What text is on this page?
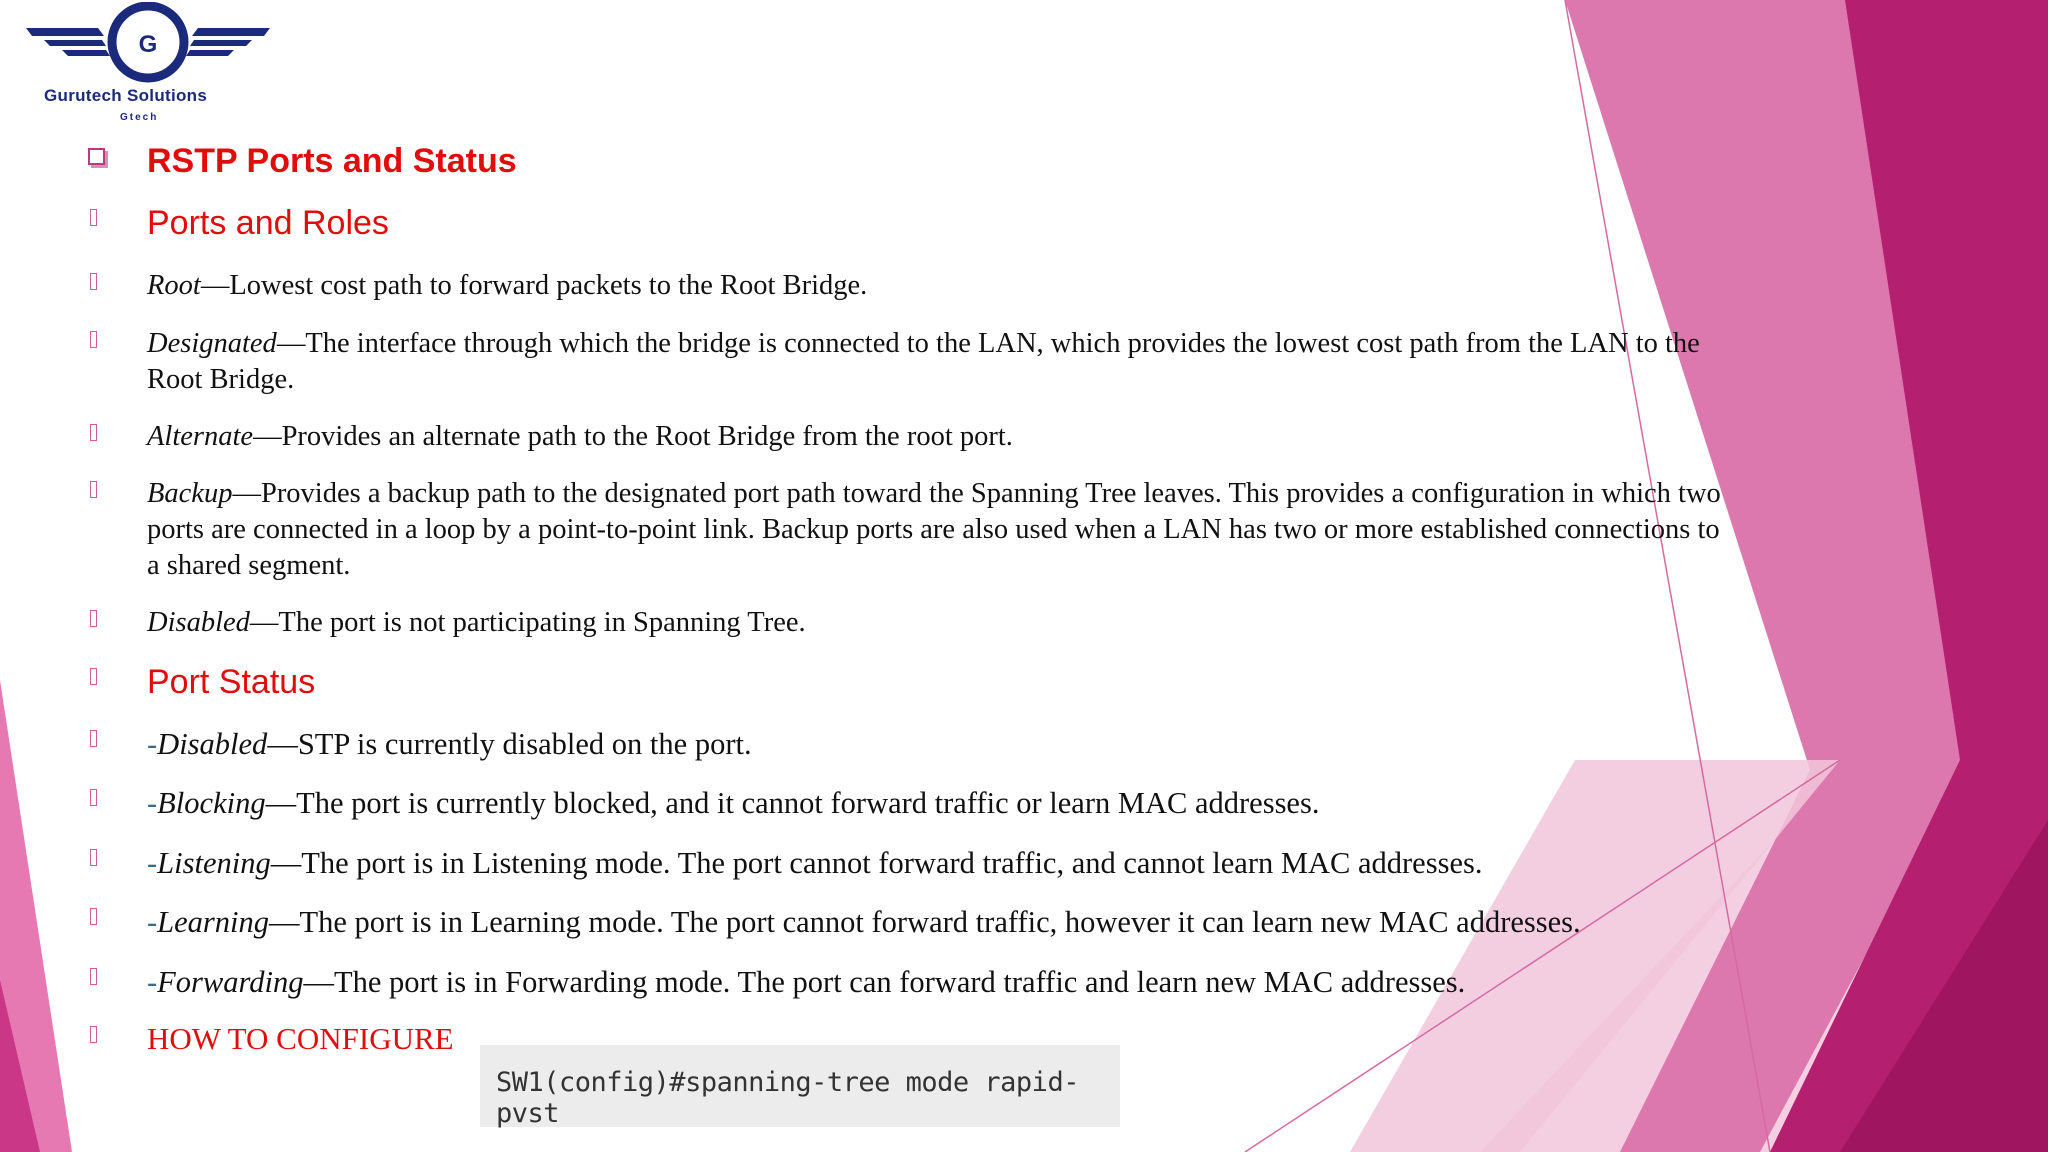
G
Gurutech Solutions
Gtech
RSTP Ports and Status
Ports and Roles
Root—Lowest cost path to forward packets to the Root Bridge.
Designated—The interface through which the bridge is connected to the LAN, which provides the lowest cost path from the LAN to the Root Bridge.
Alternate—Provides an alternate path to the Root Bridge from the root port.
Backup—Provides a backup path to the designated port path toward the Spanning Tree leaves. This provides a configuration in which two ports are connected in a loop by a point-to-point link. Backup ports are also used when a LAN has two or more established connections to a shared segment.
Disabled—The port is not participating in Spanning Tree.
Port Status
-Disabled—STP is currently disabled on the port.
-Blocking—The port is currently blocked, and it cannot forward traffic or learn MAC addresses.
-Listening—The port is in Listening mode. The port cannot forward traffic, and cannot learn MAC addresses.
-Learning—The port is in Learning mode. The port cannot forward traffic, however it can learn new MAC addresses.
-Forwarding—The port is in Forwarding mode. The port can forward traffic and learn new MAC addresses.
HOW TO CONFIGURE
SW1(config)#spanning-tree mode rapid-pvst
